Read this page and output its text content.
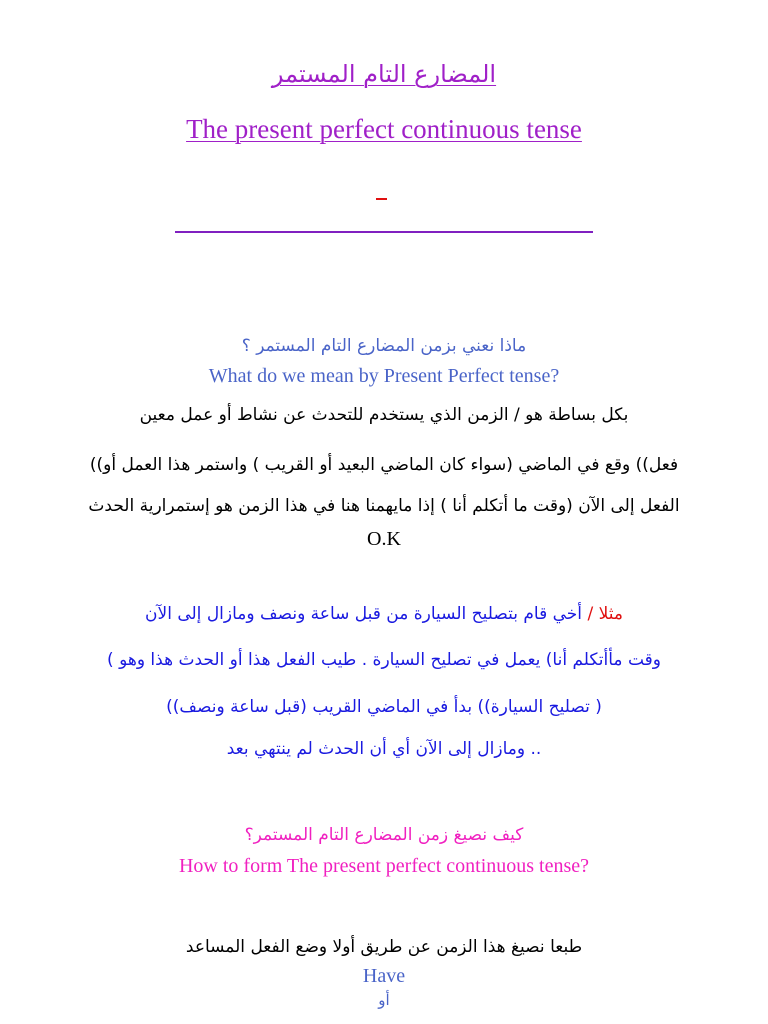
المضارع التام المستمر
The present perfect continuous tense
ماذا نعني بزمن المضارع التام المستمر ؟
What do we mean by Present Perfect tense?
بكل بساطة هو / الزمن الذي يستخدم للتحدث عن نشاط أو عمل معين
فعل)) وقع في الماضي (سواء كان الماضي البعيد أو القريب ) واستمر هذا العمل أو))
الفعل إلى الآن (وقت ما أتكلم أنا ) إذا مايهمنا هنا في هذا الزمن هو إستمرارية الحدث
O.K
مثلا / أخي قام بتصليح السيارة من قبل ساعة ونصف ومازال إلى الآن
وقت مأأتكلم أنا) يعمل في تصليح السيارة . طيب الفعل هذا أو الحدث هذا وهو )
( تصليح السيارة)) بدأ في الماضي القريب (قبل ساعة ونصف))
.. ومازال إلى الآن أي أن الحدث لم ينتهي بعد
كيف نصيغ زمن المضارع التام المستمر؟
How to form The present perfect continuous tense?
طبعا نصيغ هذا الزمن عن طريق أولا وضع الفعل المساعد
Have
أو
